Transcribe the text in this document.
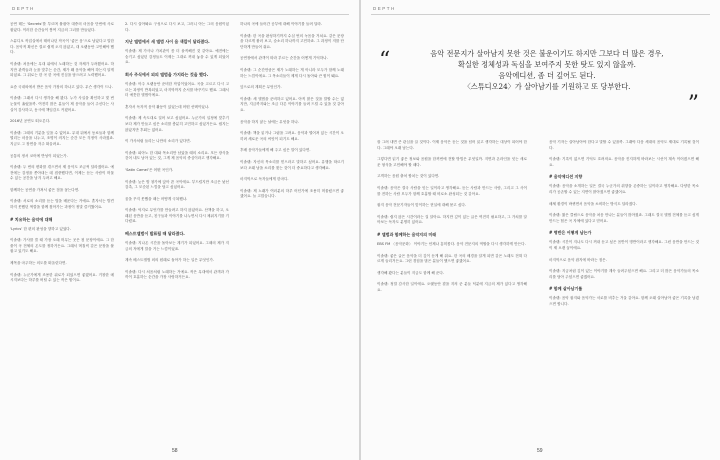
DEPTH

공연 테는 ‘Secrets’를 부르며 붙잡아 대중의 마음을 단번에 사로잡았다. 이러한 순간들이 쌓여 지금의 그녀를 만들었다.

스튜디오 작업실에서 태어나던 작곡이 ‘좋은 음’으로 남았다고 말한다. 음악적 확신은 결코 쉽게 오지 않았고, 대 오랫동안 고민해야 했다.

이솔렛: 처음에는 무대 위에서 노래하는 것 자체가 두려웠어요. 하지만 관객들과 눈을 맞추는 순간, 제가 왜 음악을 해야 하는지 알게 되었죠. 그 뒤로는 한 곡 한 곡에 진심을 담으려고 노력했어요.

요즘 국내외에서 받은 음악 가장의 하나고 있다. 무슨 생각이 드나.

이솔렛: 그래서 다시 생각을 해 봤다. 누가 사실을 확인하고 몇 번 눈물이 흘렀을까. 여전히 많은 분들이 제 음악을 들어 주신다는 사실이 감사하고, 동시에 책임감도 커졌어요.

2016년 공연도 떠오른다.

이솔렛: 그때의 기분을 잊을 수 없어요. 무대 뒤에서 동료들과 함께 떨리는 마음을 나누고, 조명이 켜지는 순간 모든 걱정이 사라졌죠. 지금도 그 장면을 자주 떠올려요.

공통의 정서 코어에 반성이 되었는가.

이솔렛: 두 번의 변화를 겪으면서 제 음악도 조금씩 달라졌어요. 예전에는 감정을 쏟아내는 데 집중했다면, 이제는 듣는 사람이 머물 수 있는 공간을 남겨 두려고 해요.

함께하는 공연을 가져서 좋은 점을 꼽는다면.

이솔렛: 서로의 소리를 듣는 법을 배운다는 거예요. 혼자서는 발견하지 못했던 색깔을 함께 찾아가는 과정이 정말 즐거웠어요.

# 치유하는 음악에 대해

‘Lyrics’ 한 편의 완성을 향하고 있었다.

이솔렛: 가사를 쓸 때 가장 오래 머무는 곳은 첫 문장이에요. 그 한 줄이 곡 전체의 온도를 정하거든요. 그래서 며칠씩 같은 문장을 붙잡고 있기도 해요.

제목을 마주하는 의도를 떠올린다면.

이솔렛: 누군가에게 조용한 위로가 되었으면 좋겠어요. 거창한 메시지보다는 하루를 버틸 수 있는 작은 힘이요.

2. 다시 살아봐요 구성으로 다시 보고, 그러니 아는 그의 음원이었다.

지난 앨범에서 새 앨범 사이 음 색깔이 달라졌다.

이솔렛: 제 가사나 가치관이 좀 더 솔직해진 것 같아요. 예전에는 숨기고 싶었던 감정들도 이제는 그대로 꺼내 놓을 수 있게 되었어요.

회사 주식에서 외의 앨범을 가지라는 것을 했다.

이솔렛: 아주 오랫동안 준비한 작업이었어요. 곡을 고르고 다시 고르는 과정이 반복되었고, 마지막까지 순서를 바꾸기도 했죠. 그래서 더 애틋한 앨범이에요.

혼자서 독자적 음악 활동이 있었는데 어떤 선택이었나.

이솔렛: 제 속도대로 걸어 보고 싶었어요. 누군가의 일정에 맞추기보다 제가 만들고 싶은 소리를 충분히 고민하고 싶었거든요. 쉽지는 않았지만 후회는 없어요.

이 가사처럼 들리는 나만의 소리가 있다면.

이솔렛: 피아노 한 대와 목소리만 남았을 때의 소리요. 모든 장식을 걷어 내도 남아 있는 것, 그게 제 음악의 중심이라고 생각해요.

‘Satin Camel’은 어떤 곡인가.

이솔렛: 늦은 밤 창가에 앉아 쓴 곡이에요. 부드럽지만 조금은 낯선 감촉, 그 모순된 느낌을 담고 싶었어요.

꿈을 꾸지 못했을 때는 어떻게 극복했나.

이솔렛: 억지로 무언가를 만들려고 하지 않았어요. 산책을 하고, 오래된 음반을 듣고, 친구들과 이야기를 나누면서 다시 채워지기를 기다렸죠.

베스트앨범이 발표될 때 달라졌다.

이솔렛: 지나온 시간을 돌아보는 계기가 되었어요. 그때의 제가 지금의 저에게 말을 거는 느낌이었죠.

계속 베스트앨범 외의 원래로 돌아가 하는 일은 무엇인가.

이솔렛: 다시 처음처럼 노래하는 거예요. 작은 무대에서 관객과 가까이 호흡하는 순간을 가장 사랑하거든요.

하나의 곡에 들어간 공부에 대해 이야기를 들려 달라.

이솔렛: 한 곡을 완성하기까지 수십 번의 녹음을 거쳐요. 같은 문장을 다르게 불러 보고, 숨소리 하나까지 고민하죠. 그 과정이 저를 단단하게 만들어 줘요.

공연장에서 관객이 따라 부르는 순간을 어떻게 기억하나.

이솔렛: 그 순간만큼은 제가 노래하는 게 아니라 모두가 함께 노래하는 느낌이에요. 그 목소리들이 제게 다시 돌아와 큰 힘이 돼요.

앞으로의 계획은 무엇인가.

이솔렛: 새 앨범을 준비하고 있어요. 아직 많은 것을 말할 수는 없지만, 지금까지와는 조금 다른 이야기를 들려 드릴 수 있을 것 같아요.

음악을 하지 않는 날에는 무엇을 하나.

이솔렛: 책을 읽거나 그림을 그려요. 음악과 떨어져 있는 시간이 오히려 새로운 곡의 씨앗이 되기도 해요.

후배 음악가들에게 해 주고 싶은 말이 있다면.

이솔렛: 자신의 목소리를 믿으라고 말하고 싶어요. 유행을 따르기보다 오래 남을 소리를 찾는 것이 더 중요하다고 생각해요.

마지막으로 독자들에게 한마디.

이솔렛: 제 노래가 여러분의 하루 어딘가에 조용히 머물렀으면 좋겠어요. 늘 고맙습니다.

58
DEPTH
“	음악 전문지가 살아남지 못한 것은 불운이기도 하지만 그보다 더 많은 경우,
확실한 정체성과 독심을 보여주지 못한 탓도 있지 않을까.
음악에디션, 좀 더 깊어도 된다.
〈스튜디오24〉가 살아남기를 기원하고 또 당부한다.
”

잘 그려 내면 큰 관심을 끌 것이다. 이제 음악은 듣는 것을 넘어 읽고 생각하는 대상이 되어야 한다. 그래야 오래 남는다.

그렇다면 읽기 좋은 정보와 음원을 한꺼번에 전할 방법은 무엇일까. 지면과 온라인을 잇는 새로운 형식을 고민해야 할 때다.

고객하는 음원 출처 합치는 것이 있다면.

이솔렛: 음악은 결국 사람을 잇는 일이라고 생각해요. 듣는 사람과 만드는 사람, 그리고 그 사이를 전하는 사람 모두가 함께 호흡할 때 비로소 완성되는 것 같아요.

잡지 음악 전문기자들이 맞이하는 현실에 대해 묻고 싶다.

이솔렛: 쉽지 않은 시간이라는 걸 알아요. 하지만 깊이 있는 글은 여전히 필요하고, 그 가치를 알아보는 독자도 분명히 있어요.

# 앨범과 함께하는 음악지의 미래

EBS FM 〈음악문화〉 이야기는 언제나 흥미롭다. 음악 전문지의 역할을 다시 생각하게 만든다.

이솔렛: 좋은 글은 음악을 더 깊이 듣게 해 줘요. 한 곡의 배경을 알게 되면 같은 노래도 전혀 다르게 들리거든요. 그런 경험을 많은 분들이 했으면 좋겠어요.

생각해 봤다는 분들이 지금도 함께 해 준다.

이솔렛: 정말 감사한 일이에요. 오랫동안 곁을 지켜 준 분들 덕분에 지금의 제가 있다고 생각해요.

음악 기자는 살아남아야 한다고 말할 수 있을까. 그래야 다음 세대의 음악도 제대로 기록될 것이다.

이솔렛: 기록이 없으면 기억도 흐려져요. 음악을 진지하게 바라보는 시선이 계속 이어졌으면 해요.

# 음악에디션 지향

이솔렛: 음악을 소개하는 일은 결국 누군가의 취향을 존중하는 일이라고 생각해요. 다양한 목소리가 공존할 수 있는 지면이 많아졌으면 좋겠어요.

매체 환경이 바뀌면서 음악을 소비하는 방식도 달라졌다.

이솔렛: 짧은 클립으로 음악을 처음 만나는 분들이 많아졌죠. 그래도 결국 앨범 전체를 듣고 싶게 만드는 힘은 곡 자체에 있다고 믿어요.

# 명반은 어떻게 남는가

이솔렛: 시간이 지나도 다시 꺼내 듣고 싶은 음반이 명반이라고 생각해요. 그런 음반을 만드는 것이 제 오랜 꿈이에요.

마지막으로 음악 잡지에 바라는 점은.

이솔렛: 지금처럼 깊이 있는 이야기를 계속 들려주셨으면 해요. 그리고 더 많은 음악가들의 목소리를 담아 주셨으면 좋겠어요.

# 함께 살아남기를

이솔렛: 음악 잡지와 음악가는 서로를 비추는 거울 같아요. 함께 오래 살아남아 좋은 기록을 남겼으면 합니다.

59
